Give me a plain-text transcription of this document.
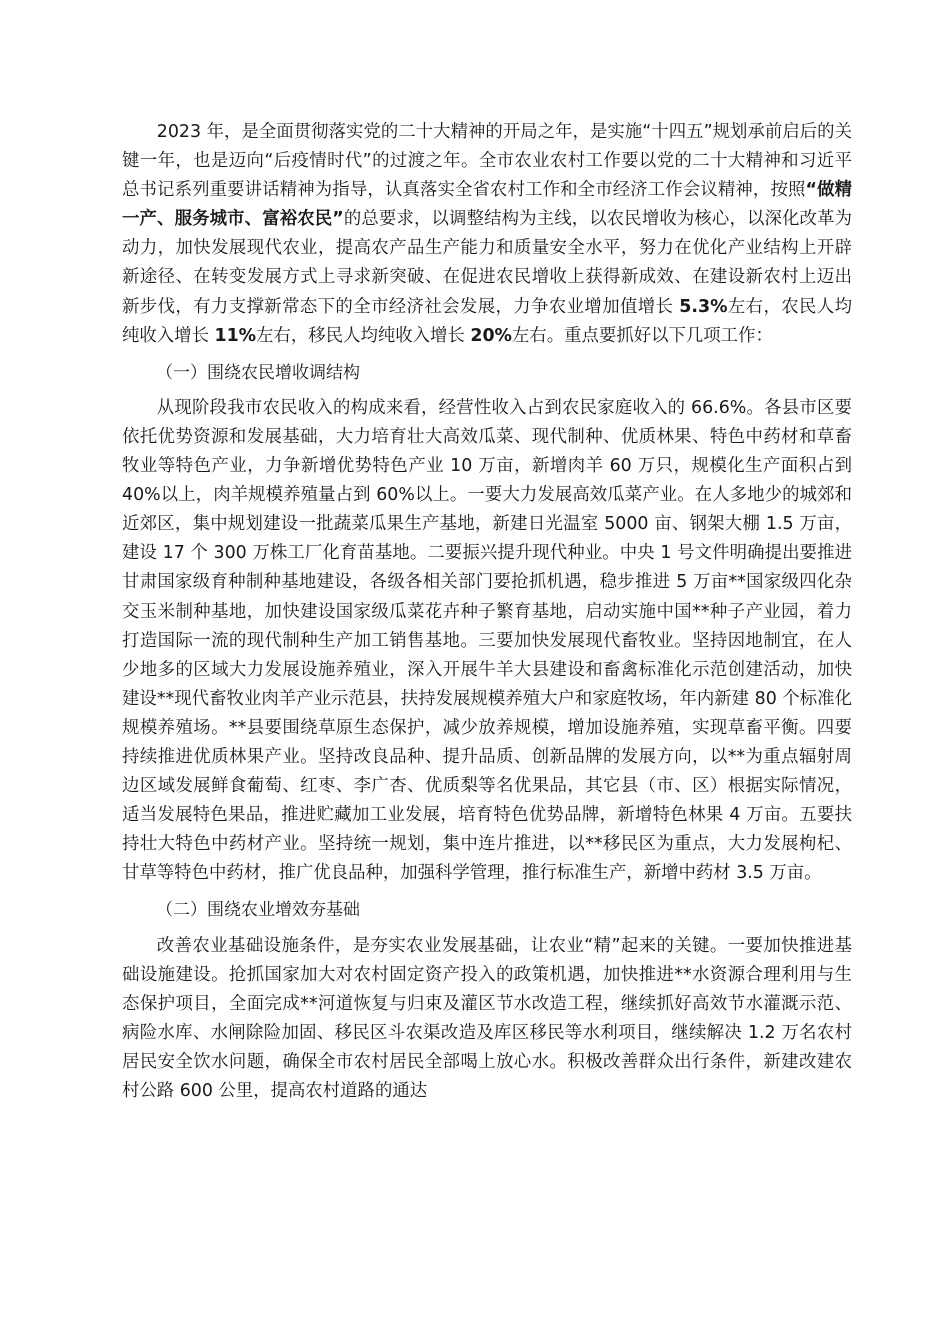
2023 年，是全面贯彻落实党的二十大精神的开局之年，是实施“十四五”规划承前启后的关键一年，也是迈向“后疫情时代”的过渡之年。全市农业农村工作要以党的二十大精神和习近平总书记系列重要讲话精神为指导，认真落实全省农村工作和全市经济工作会议精神，按照“做精一产、服务城市、富裕农民”的总要求，以调整结构为主线，以农民增收为核心，以深化改革为动力，加快发展现代农业，提高农产品生产能力和质量安全水平，努力在优化产业结构上开辟新途径、在转变发展方式上寻求新突破、在促进农民增收上获得新成效、在建设新农村上迈出新步伐，有力支撑新常态下的全市经济社会发展，力争农业增加值增长 5.3%左右，农民人均纯收入增长 11%左右，移民人均纯收入增长 20%左右。重点要抓好以下几项工作：

（一）围绕农民增收调结构

从现阶段我市农民收入的构成来看，经营性收入占到农民家庭收入的 66.6%。各县市区要依托优势资源和发展基础，大力培育壮大高效瓜菜、现代制种、优质林果、特色中药材和草畜牧业等特色产业，力争新增优势特色产业 10 万亩，新增肉羊 60 万只，规模化生产面积占到 40%以上，肉羊规模养殖量占到 60%以上。一要大力发展高效瓜菜产业。在人多地少的城郊和近郊区，集中规划建设一批蔬菜瓜果生产基地，新建日光温室 5000 亩、钢架大棚 1.5 万亩，建设 17 个 300 万株工厂化育苗基地。二要振兴提升现代种业。中央 1 号文件明确提出要推进甘肃国家级育种制种基地建设，各级各相关部门要抢抓机遇，稳步推进 5 万亩**国家级四化杂交玉米制种基地，加快建设国家级瓜菜花卉种子繁育基地，启动实施中国**种子产业园，着力打造国际一流的现代制种生产加工销售基地。三要加快发展现代畜牧业。坚持因地制宜，在人少地多的区域大力发展设施养殖业，深入开展牛羊大县建设和畜禽标准化示范创建活动，加快建设**现代畜牧业肉羊产业示范县，扶持发展规模养殖大户和家庭牧场，年内新建 80 个标准化规模养殖场。**县要围绕草原生态保护，减少放养规模，增加设施养殖，实现草畜平衡。四要持续推进优质林果产业。坚持改良品种、提升品质、创新品牌的发展方向，以**为重点辐射周边区域发展鲜食葡萄、红枣、李广杏、优质梨等名优果品，其它县（市、区）根据实际情况，适当发展特色果品，推进贮藏加工业发展，培育特色优势品牌，新增特色林果 4 万亩。五要扶持壮大特色中药材产业。坚持统一规划，集中连片推进，以**移民区为重点，大力发展枸杞、甘草等特色中药材，推广优良品种，加强科学管理，推行标准生产，新增中药材 3.5 万亩。

（二）围绕农业增效夯基础

改善农业基础设施条件，是夯实农业发展基础，让农业“精”起来的关键。一要加快推进基础设施建设。抢抓国家加大对农村固定资产投入的政策机遇，加快推进**水资源合理利用与生态保护项目，全面完成**河道恢复与归束及灌区节水改造工程，继续抓好高效节水灌溉示范、病险水库、水闸除险加固、移民区斗农渠改造及库区移民等水利项目，继续解决 1.2 万名农村居民安全饮水问题，确保全市农村居民全部喝上放心水。积极改善群众出行条件，新建改建农村公路 600 公里，提高农村道路的通达
